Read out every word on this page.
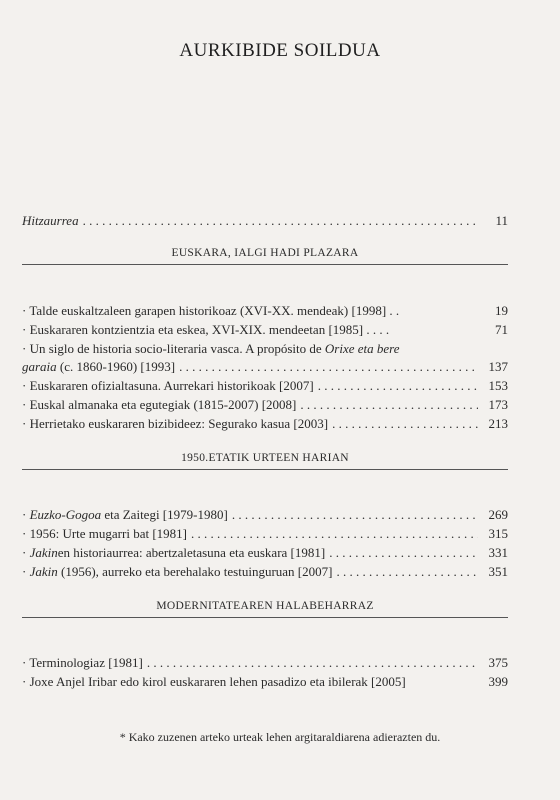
AURKIBIDE SOILDUA
Hitzaurrea . . .	11
EUSKARA, IALGI HADI PLAZARA
· Talde euskaltzaleen garapen historikoaz (XVI-XX. mendeak) [1998] . .	19
· Euskararen kontzientzia eta eskea, XVI-XIX. mendeetan [1985] . . . .	71
· Un siglo de historia socio-literaria vasca. A propósito de Orixe eta bere
garaia (c. 1860-1960) [1993] . . .	137
· Euskararen ofizialtasuna. Aurrekari historikoak [2007] . . .	153
· Euskal almanaka eta egutegiak (1815-2007) [2008] . . .	173
· Herrietako euskararen bizibideez: Segurako kasua [2003] . . .	213
1950.ETATIK URTEEN HARIAN
· Euzko-Gogoa eta Zaitegi [1979-1980] . . .	269
· 1956: Urte mugarri bat [1981] . . .	315
· Jakinen historiaurrea: abertzaletasuna eta euskara [1981] . . .	331
· Jakin (1956), aurreko eta berehalako testuinguruan [2007] . . .	351
MODERNITATEAREN HALABEHARRAZ
· Terminologiaz [1981] . . .	375
· Joxe Anjel Iribar edo kirol euskararen lehen pasadizo eta ibilerak [2005]	399
* Kako zuzenen arteko urteak lehen argitaraldiarena adierazten du.
